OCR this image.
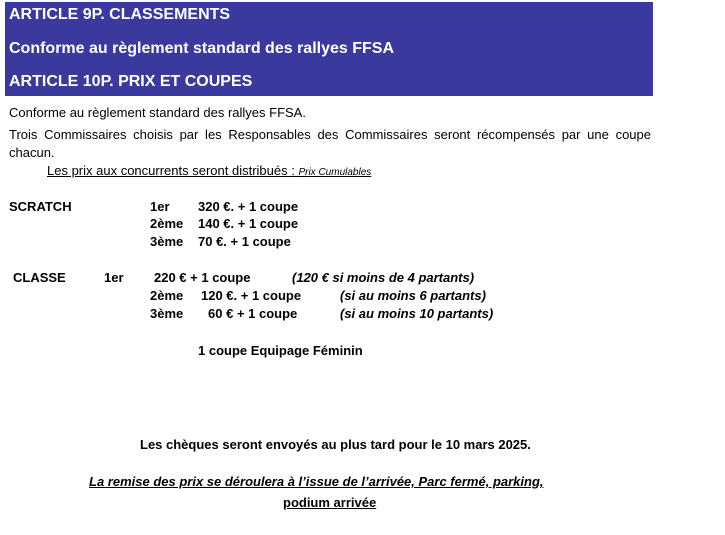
ARTICLE 9P. CLASSEMENTS
Conforme au règlement standard des rallyes FFSA
ARTICLE 10P. PRIX ET COUPES
Conforme au règlement standard des rallyes FFSA.
Trois Commissaires choisis par les Responsables des Commissaires seront récompensés par une coupe chacun.
Les prix aux concurrents seront distribués : Prix Cumulables
SCRATCH	1er 320 €. + 1 coupe
2ème 140 €. + 1 coupe
3ème 70 €. + 1 coupe
CLASSE	1er 220 € + 1 coupe	(120 € si moins de 4 partants)
2ème 120 €. + 1 coupe	(si au moins 6 partants)
3ème 60 € + 1 coupe	(si au moins 10 partants)
1 coupe Equipage Féminin
Les chèques seront envoyés au plus tard pour le 10 mars 2025.
La remise des prix se déroulera à l’issue de l’arrivée, Parc fermé, parking,
podium arrivée
